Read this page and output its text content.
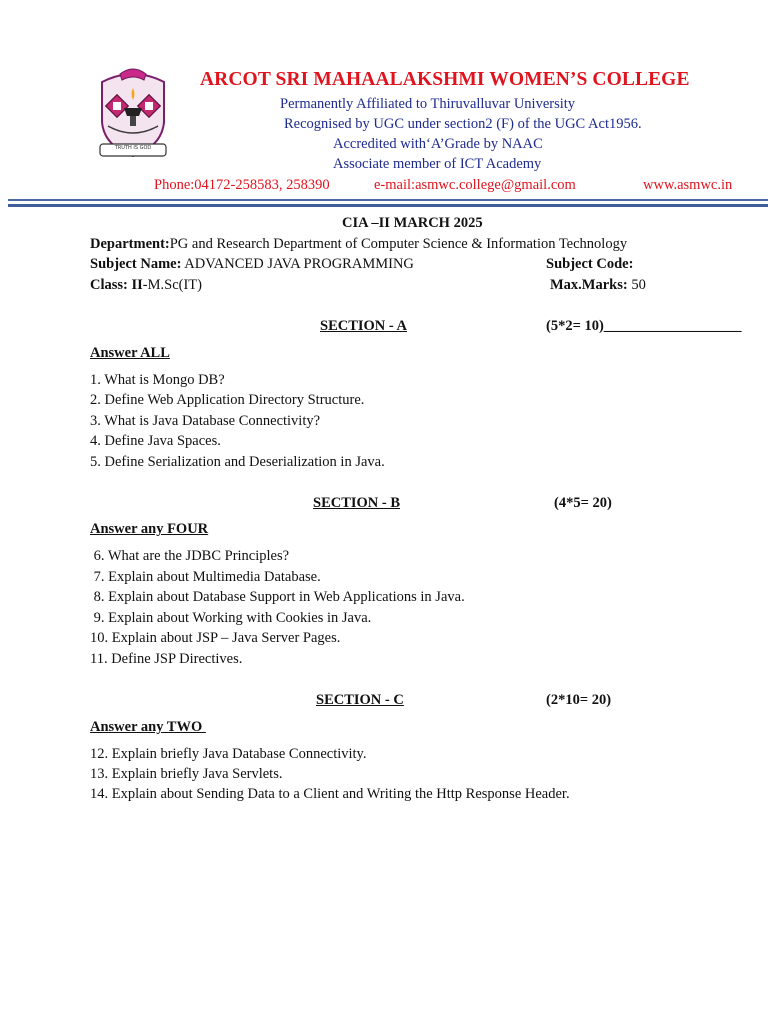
TRUTH IS GOD
ARCOT SRI MAHAALAKSHMI WOMEN’S COLLEGE
Permanently Affiliated to Thiruvalluvar University
Recognised by UGC under section2 (F) of the UGC Act1956.
Accredited with‘A’Grade by NAAC
Associate member of ICT Academy
Phone:04172-258583, 258390	e-mail:asmwc.college@gmail.com	www.asmwc.in
CIA –II MARCH 2025
Department:PG and Research Department of Computer Science & Information Technology
Subject Name: ADVANCED JAVA PROGRAMMING	Subject Code:
Class: II-M.Sc(IT)	Max.Marks: 50
SECTION - A	(5*2= 10)___________________
Answer ALL
1. What is Mongo DB?
2. Define Web Application Directory Structure.
3. What is Java Database Connectivity?
4. Define Java Spaces.
5. Define Serialization and Deserialization in Java.
SECTION - B	(4*5= 20)
Answer any FOUR
6. What are the JDBC Principles?
7. Explain about Multimedia Database.
8. Explain about Database Support in Web Applications in Java.
9. Explain about Working with Cookies in Java.
10. Explain about JSP – Java Server Pages.
11. Define JSP Directives.
SECTION - C	(2*10= 20)
Answer any TWO
12. Explain briefly Java Database Connectivity.
13. Explain briefly Java Servlets.
14. Explain about Sending Data to a Client and Writing the Http Response Header.
